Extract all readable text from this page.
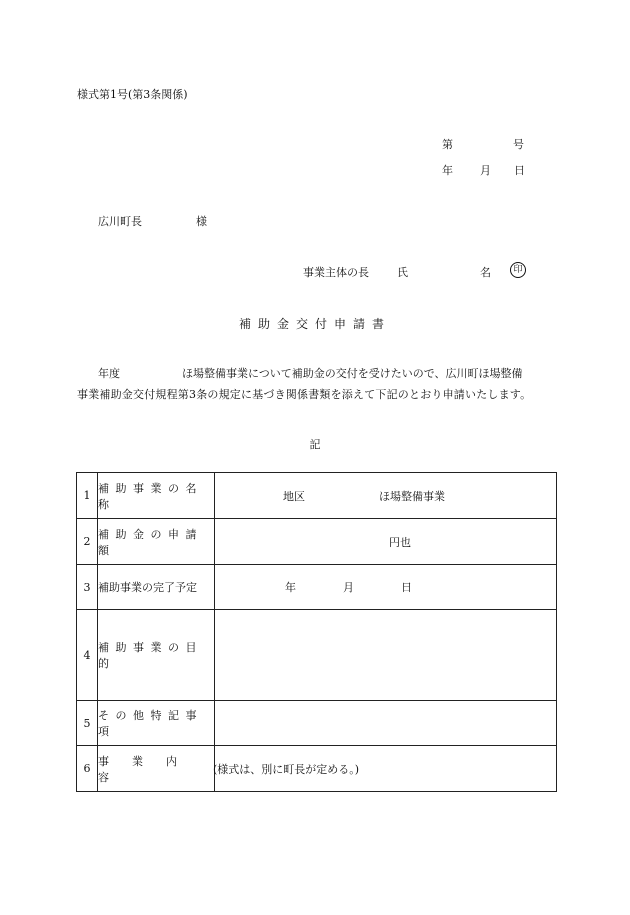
様式第1号(第3条関係)
第	号
年 月 日
広川町長	様
事業主体の長	氏	名	印
補助金交付申請書
年度	ほ場整備事業について補助金の交付を受けたいので、広川町ほ場整備
事業補助金交付規程第3条の規定に基づき関係書類を添えて下記のとおり申請いたします。
記
1	補助事業の名称	地区 ほ場整備事業

2	補助金の申請額	円也

3	補助事業の完了予定	年 月 日

4	補助事業の目的	
5	その他特記事項	
6	事業内容	(様式は、別に町長が定める。)
